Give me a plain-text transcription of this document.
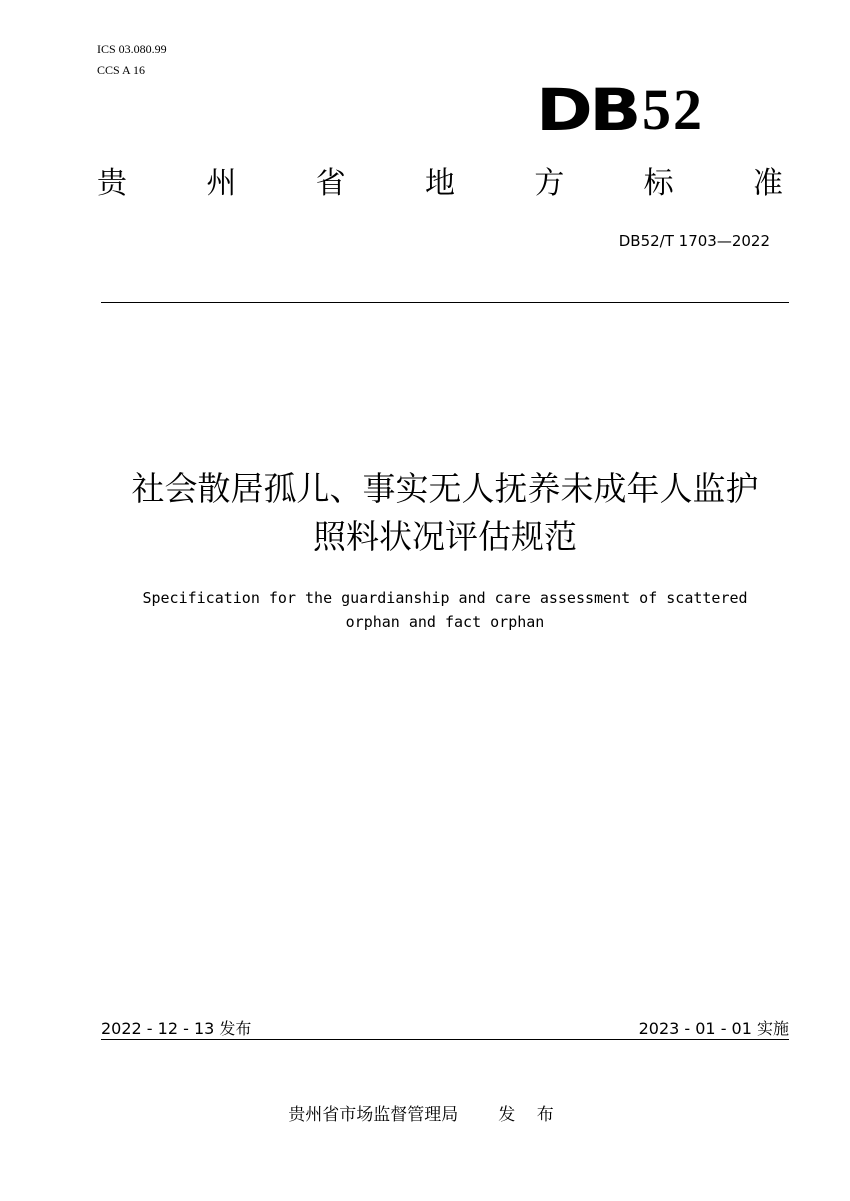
ICS 03.080.99
CCS A 16
DB 52
贵	州	省	地	方	标	准
DB52/T 1703—2022
社会散居孤儿、事实无人抚养未成年人监护
照料状况评估规范
Specification for the guardianship and care assessment of scattered
orphan and fact orphan
2022 - 12 - 13 发布	2023 - 01 - 01 实施
贵州省市场监督管理局 发 布
